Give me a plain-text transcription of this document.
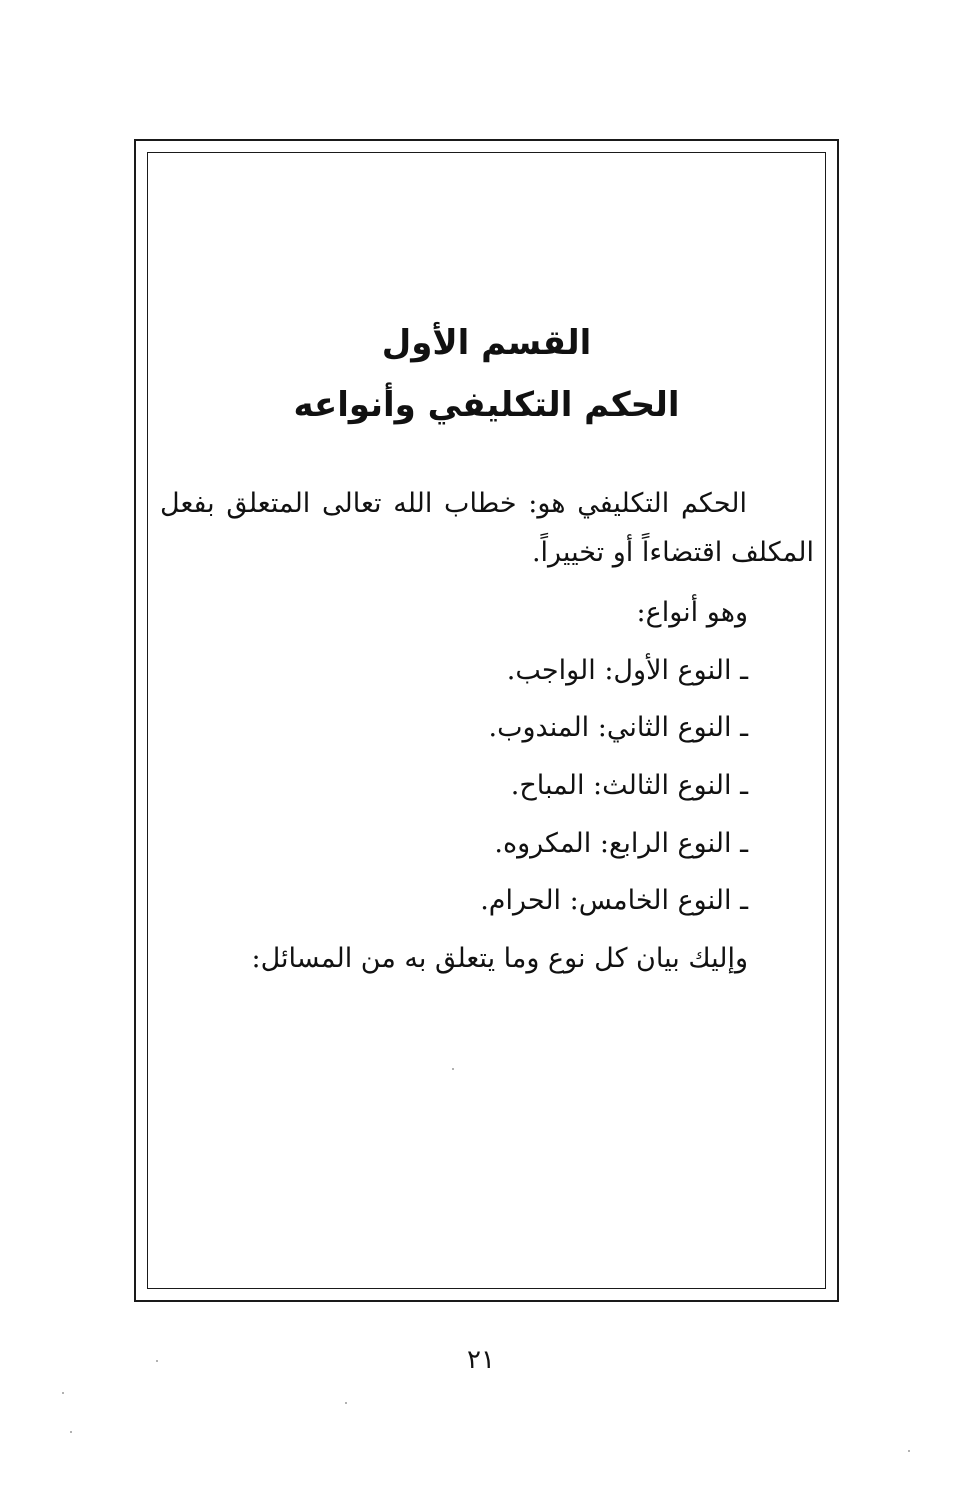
القسم الأول
الحكم التكليفي وأنواعه

الحكم التكليفي هو: خطاب الله تعالى المتعلق بفعل المكلف اقتضاءاً أو تخييراً.

وهو أنواع:
ـ النوع الأول: الواجب.
ـ النوع الثاني: المندوب.
ـ النوع الثالث: المباح.
ـ النوع الرابع: المكروه.
ـ النوع الخامس: الحرام.
وإليك بيان كل نوع وما يتعلق به من المسائل:
٢١
